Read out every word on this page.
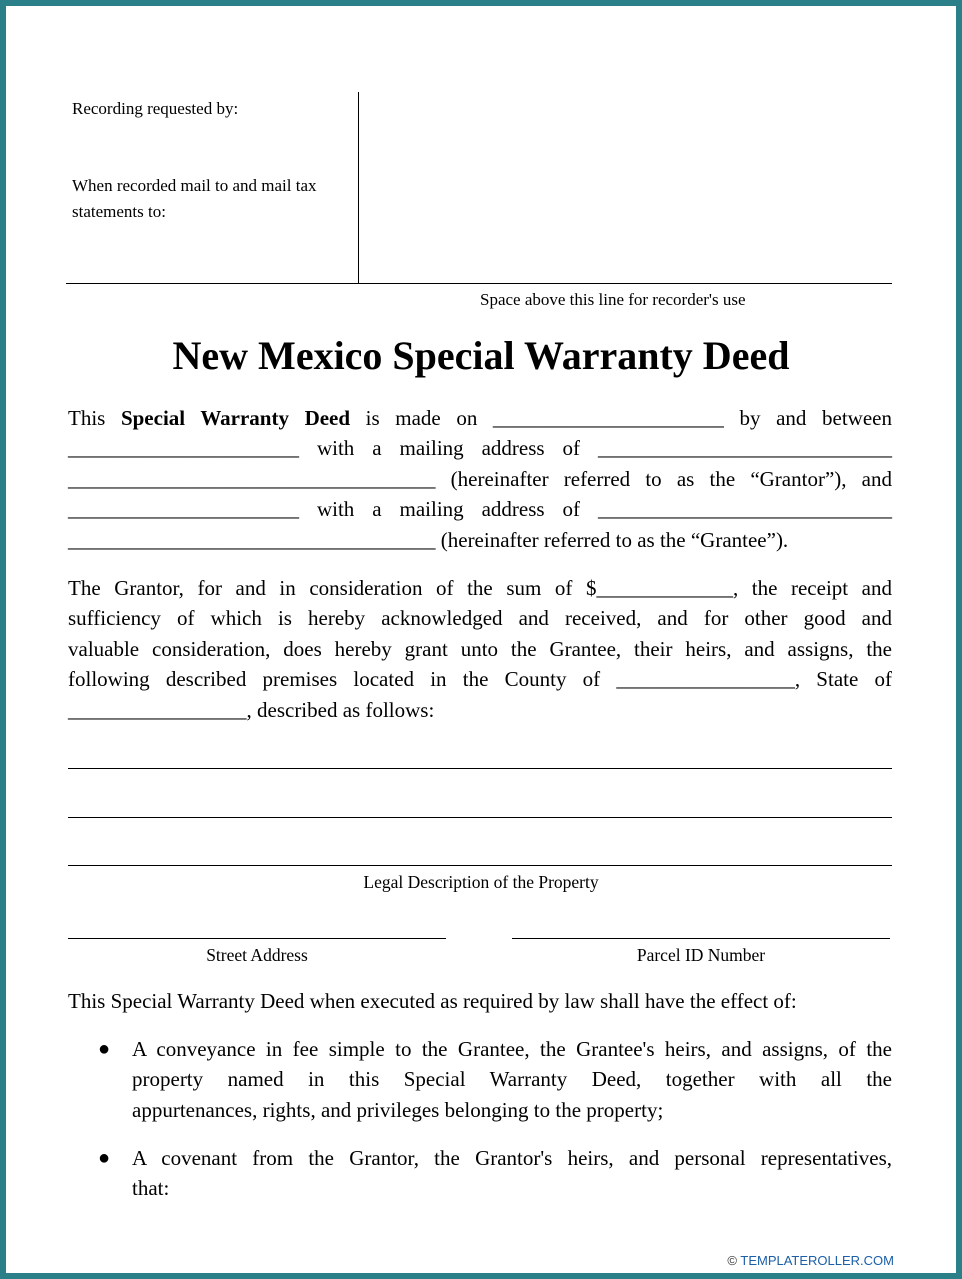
Recording requested by:
When recorded mail to and mail tax
statements to:
Space above this line for recorder's use
New Mexico Special Warranty Deed
This Special Warranty Deed is made on ______________________ by and between
______________________ with a mailing address of ____________________________
___________________________________ (hereinafter referred to as the “Grantor”), and
______________________ with a mailing address of ____________________________
___________________________________ (hereinafter referred to as the “Grantee”).
The Grantor, for and in consideration of the sum of $_____________, the receipt and
sufficiency of which is hereby acknowledged and received, and for other good and
valuable consideration, does hereby grant unto the Grantee, their heirs, and assigns, the
following described premises located in the County of _________________, State of
_________________, described as follows:
Legal Description of the Property
Street Address	Parcel ID Number
This Special Warranty Deed when executed as required by law shall have the effect of:
● A conveyance in fee simple to the Grantee, the Grantee's heirs, and assigns, of the
property named in this Special Warranty Deed, together with all the
appurtenances, rights, and privileges belonging to the property;
● A covenant from the Grantor, the Grantor's heirs, and personal representatives,
that:
© TEMPLATEROLLER.COM
